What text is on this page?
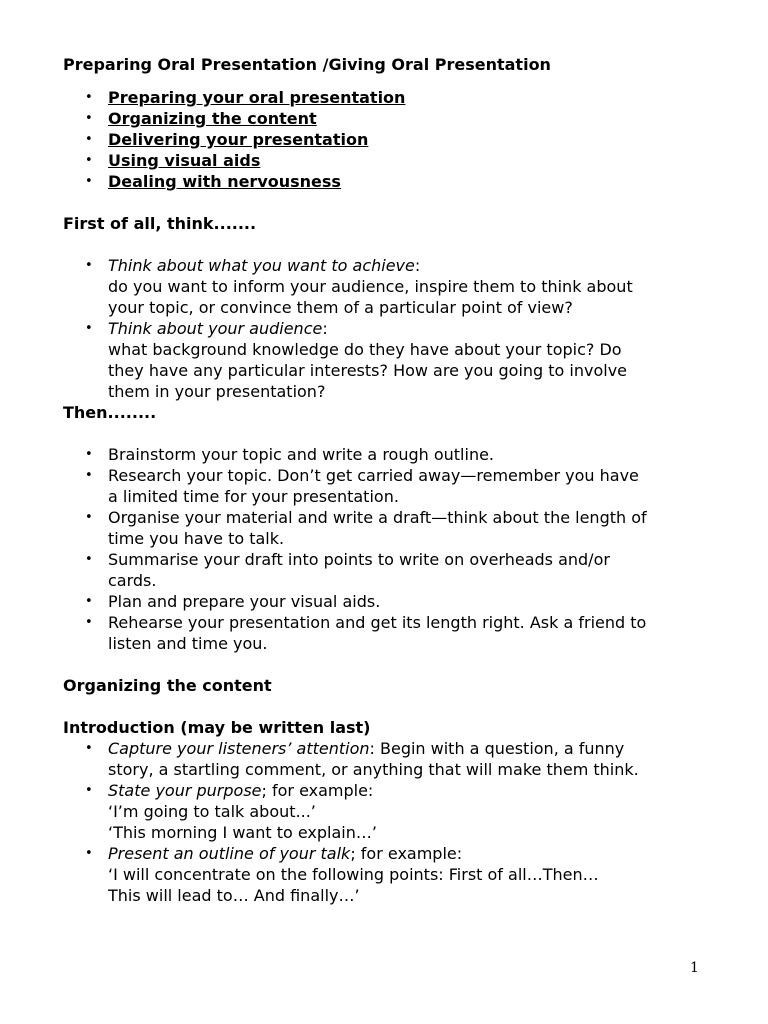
Preparing Oral Presentation /Giving Oral Presentation
• Preparing your oral presentation
• Organizing the content
• Delivering your presentation
• Using visual aids
• Dealing with nervousness
First of all, think.......
• Think about what you want to achieve:
do you want to inform your audience, inspire them to think about
your topic, or convince them of a particular point of view?
• Think about your audience:
what background knowledge do they have about your topic? Do
they have any particular interests? How are you going to involve
them in your presentation?
Then........
• Brainstorm your topic and write a rough outline.
• Research your topic. Don’t get carried away—remember you have
a limited time for your presentation.
• Organise your material and write a draft—think about the length of
time you have to talk.
• Summarise your draft into points to write on overheads and/or
cards.
• Plan and prepare your visual aids.
• Rehearse your presentation and get its length right. Ask a friend to
listen and time you.
Organizing the content
Introduction (may be written last)
• Capture your listeners’ attention: Begin with a question, a funny
story, a startling comment, or anything that will make them think.
• State your purpose; for example:
‘I’m going to talk about...’
‘This morning I want to explain…’
• Present an outline of your talk; for example:
‘I will concentrate on the following points: First of all…Then…
This will lead to… And finally…’
1
